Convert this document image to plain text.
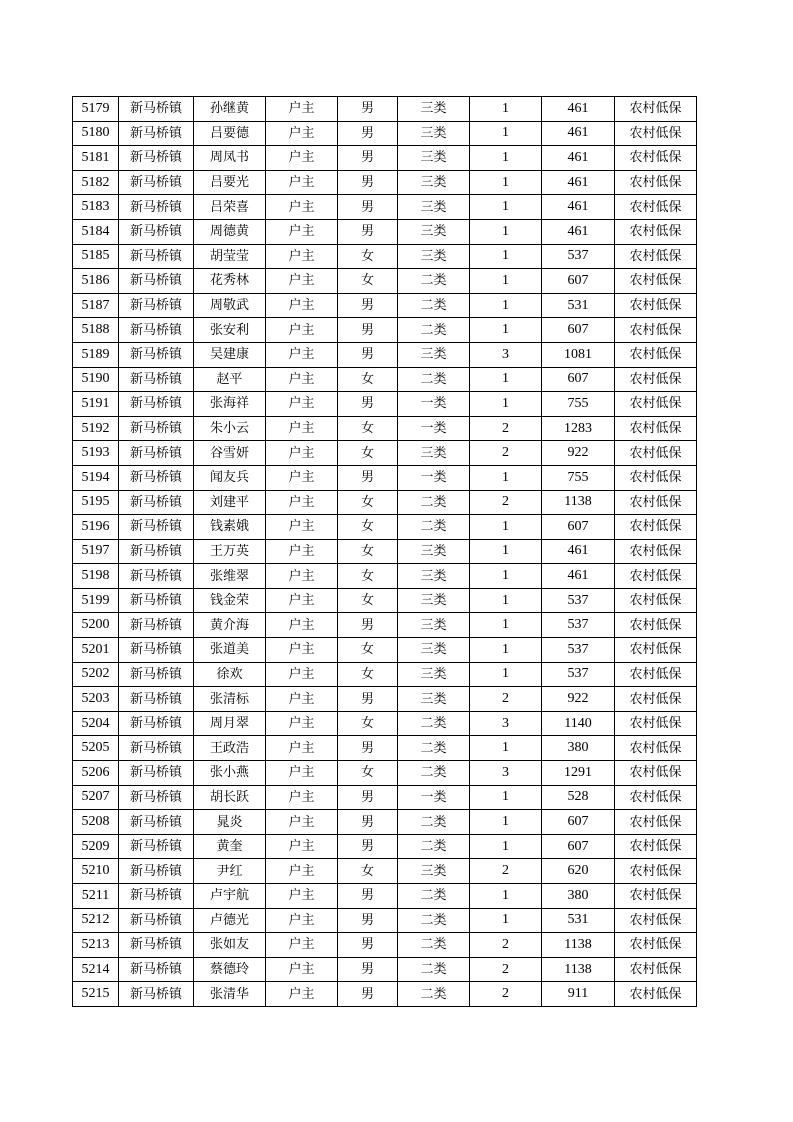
5179	新马桥镇	孙继黄	户主	男	三类	1	461	农村低保
5180	新马桥镇	吕要德	户主	男	三类	1	461	农村低保
5181	新马桥镇	周凤书	户主	男	三类	1	461	农村低保
5182	新马桥镇	吕要光	户主	男	三类	1	461	农村低保
5183	新马桥镇	吕荣喜	户主	男	三类	1	461	农村低保
5184	新马桥镇	周德黄	户主	男	三类	1	461	农村低保
5185	新马桥镇	胡莹莹	户主	女	三类	1	537	农村低保
5186	新马桥镇	花秀林	户主	女	二类	1	607	农村低保
5187	新马桥镇	周敬武	户主	男	二类	1	531	农村低保
5188	新马桥镇	张安利	户主	男	二类	1	607	农村低保
5189	新马桥镇	吴建康	户主	男	三类	3	1081	农村低保
5190	新马桥镇	赵平	户主	女	二类	1	607	农村低保
5191	新马桥镇	张海祥	户主	男	一类	1	755	农村低保
5192	新马桥镇	朱小云	户主	女	一类	2	1283	农村低保
5193	新马桥镇	谷雪妍	户主	女	三类	2	922	农村低保
5194	新马桥镇	闻友兵	户主	男	一类	1	755	农村低保
5195	新马桥镇	刘建平	户主	女	二类	2	1138	农村低保
5196	新马桥镇	钱素娥	户主	女	二类	1	607	农村低保
5197	新马桥镇	王万英	户主	女	三类	1	461	农村低保
5198	新马桥镇	张维翠	户主	女	三类	1	461	农村低保
5199	新马桥镇	钱金荣	户主	女	三类	1	537	农村低保
5200	新马桥镇	黄介海	户主	男	三类	1	537	农村低保
5201	新马桥镇	张道美	户主	女	三类	1	537	农村低保
5202	新马桥镇	徐欢	户主	女	三类	1	537	农村低保
5203	新马桥镇	张清标	户主	男	三类	2	922	农村低保
5204	新马桥镇	周月翠	户主	女	二类	3	1140	农村低保
5205	新马桥镇	王政浩	户主	男	二类	1	380	农村低保
5206	新马桥镇	张小燕	户主	女	二类	3	1291	农村低保
5207	新马桥镇	胡长跃	户主	男	一类	1	528	农村低保
5208	新马桥镇	晁炎	户主	男	二类	1	607	农村低保
5209	新马桥镇	黄奎	户主	男	二类	1	607	农村低保
5210	新马桥镇	尹红	户主	女	三类	2	620	农村低保
5211	新马桥镇	卢宇航	户主	男	二类	1	380	农村低保
5212	新马桥镇	卢德光	户主	男	二类	1	531	农村低保
5213	新马桥镇	张如友	户主	男	二类	2	1138	农村低保
5214	新马桥镇	蔡德玲	户主	男	二类	2	1138	农村低保
5215	新马桥镇	张清华	户主	男	二类	2	911	农村低保
